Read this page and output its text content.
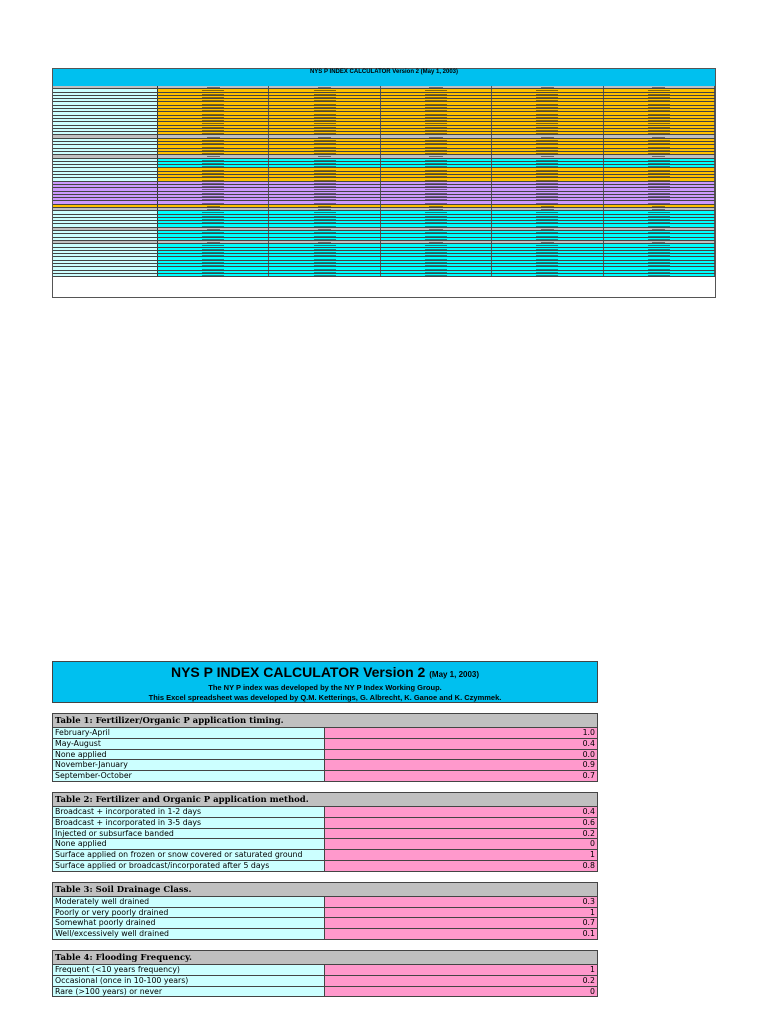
NYS P INDEX CALCULATOR Version 2 (May 1, 2003)

NYS P INDEX CALCULATOR Version 2 (May 1, 2003)
The NY P index was developed by the NY P Index Working Group.
This Excel spreadsheet was developed by Q.M. Ketterings, G. Albrecht, K. Ganoe and K. Czymmek.
Table 1: Fertilizer/Organic P application timing.
February-April	1.0
May-August	0.4
None applied	0.0
November-January	0.9
September-October	0.7
Table 2: Fertilizer and Organic P application method.
Broadcast + incorporated in 1-2 days	0.4
Broadcast + incorporated in 3-5 days	0.6
Injected or subsurface banded	0.2
None applied	0
Surface applied on frozen or snow covered or saturated ground	1
Surface applied or broadcast/incorporated after 5 days	0.8
Table 3: Soil Drainage Class.
Moderately well drained	0.3
Poorly or very poorly drained	1
Somewhat poorly drained	0.7
Well/excessively well drained	0.1
Table 4: Flooding Frequency.
Frequent (<10 years frequency)	1
Occasional (once in 10-100 years)	0.2
Rare (>100 years) or never	0
